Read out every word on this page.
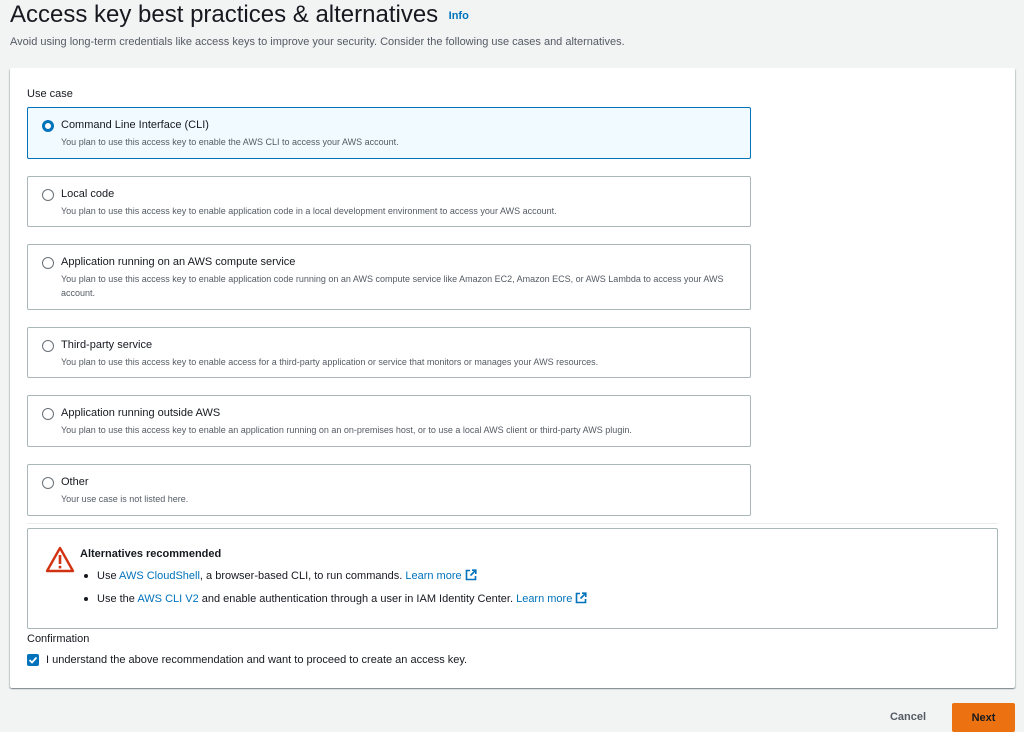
Access key best practices & alternatives Info

Avoid using long-term credentials like access keys to improve your security. Consider the following use cases and alternatives.

Use case
Command Line Interface (CLI)
You plan to use this access key to enable the AWS CLI to access your AWS account.
Local code
You plan to use this access key to enable application code in a local development environment to access your AWS account.
Application running on an AWS compute service
You plan to use this access key to enable application code running on an AWS compute service like Amazon EC2, Amazon ECS, or AWS Lambda to access your AWS account.
Third-party service
You plan to use this access key to enable access for a third-party application or service that monitors or manages your AWS resources.
Application running outside AWS
You plan to use this access key to enable an application running on an on-premises host, or to use a local AWS client or third-party AWS plugin.
Other
Your use case is not listed here.
Alternatives recommended
Use AWS CloudShell, a browser-based CLI, to run commands. Learn more
Use the AWS CLI V2 and enable authentication through a user in IAM Identity Center. Learn more
Confirmation
I understand the above recommendation and want to proceed to create an access key.
Cancel	Next
